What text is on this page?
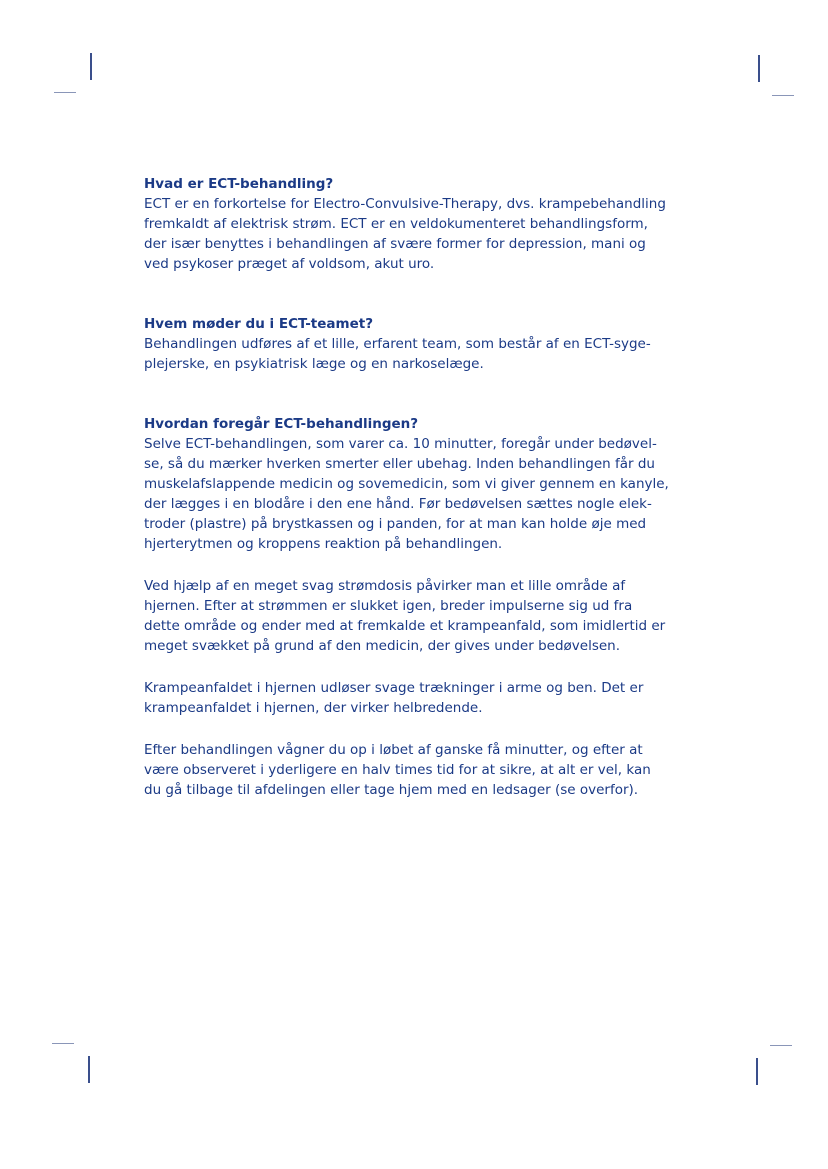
Hvad er ECT-behandling?

ECT er en forkortelse for Electro-Convulsive-Therapy, dvs. krampebehandling
fremkaldt af elektrisk strøm. ECT er en veldokumenteret behandlingsform,
der især benyttes i behandlingen af svære former for depression, mani og
ved psykoser præget af voldsom, akut uro.

Hvem møder du i ECT-teamet?

Behandlingen udføres af et lille, erfarent team, som består af en ECT-syge-
plejerske, en psykiatrisk læge og en narkoselæge.

Hvordan foregår ECT-behandlingen?

Selve ECT-behandlingen, som varer ca. 10 minutter, foregår under bedøvel-
se, så du mærker hverken smerter eller ubehag. Inden behandlingen får du
muskelafslappende medicin og sovemedicin, som vi giver gennem en kanyle,
der lægges i en blodåre i den ene hånd. Før bedøvelsen sættes nogle elek-
troder (plastre) på brystkassen og i panden, for at man kan holde øje med
hjerterytmen og kroppens reaktion på behandlingen.

Ved hjælp af en meget svag strømdosis påvirker man et lille område af
hjernen. Efter at strømmen er slukket igen, breder impulserne sig ud fra
dette område og ender med at fremkalde et krampeanfald, som imidlertid er
meget svækket på grund af den medicin, der gives under bedøvelsen.

Krampeanfaldet i hjernen udløser svage trækninger i arme og ben. Det er
krampeanfaldet i hjernen, der virker helbredende.

Efter behandlingen vågner du op i løbet af ganske få minutter, og efter at
være observeret i yderligere en halv times tid for at sikre, at alt er vel, kan
du gå tilbage til afdelingen eller tage hjem med en ledsager (se overfor).
